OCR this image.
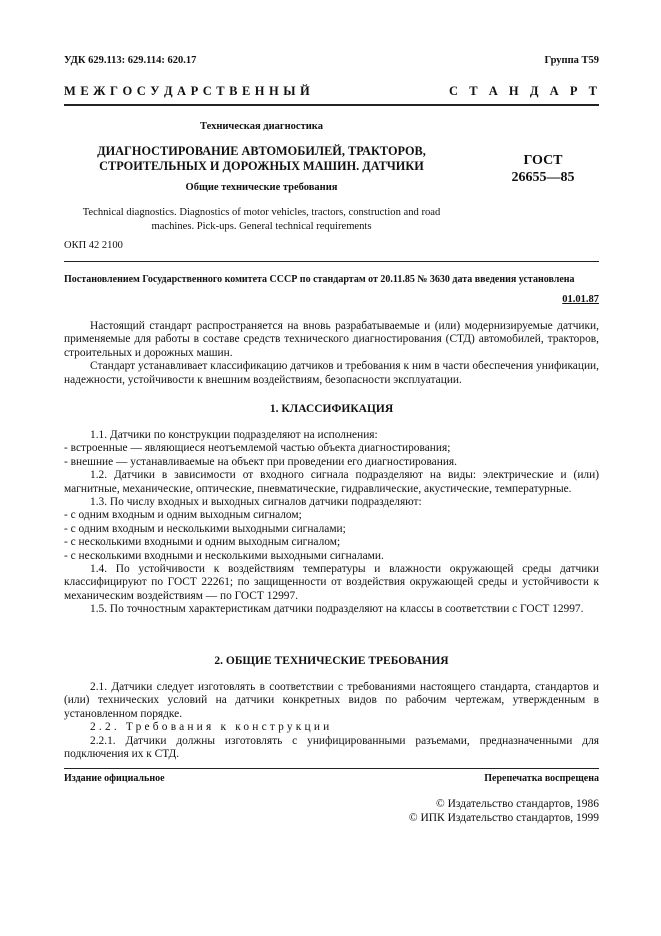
УДК 629.113: 629.114: 620.17	Группа Т59
М Е Ж Г О С У Д А Р С Т В Е Н Н Ы Й	С Т А Н Д А Р Т
Техническая диагностика
ДИАГНОСТИРОВАНИЕ АВТОМОБИЛЕЙ, ТРАКТОРОВ,
СТРОИТЕЛЬНЫХ И ДОРОЖНЫХ МАШИН. ДАТЧИКИ
Общие технические требования
ГОСТ
26655—85
Technical diagnostics. Diagnostics of motor vehicles, tractors, construction and road
machines. Pick-ups. General technical requirements
ОКП 42 2100
Постановлением Государственного комитета СССР по стандартам от 20.11.85 № 3630 дата введения установлена
01.01.87

Настоящий стандарт распространяется на вновь разрабатываемые и (или) модернизируемые датчики, применяемые для работы в составе средств технического диагностирования (СТД) автомобилей, тракторов, строительных и дорожных машин.

Стандарт устанавливает классификацию датчиков и требования к ним в части обеспечения унификации, надежности, устойчивости к внешним воздействиям, безопасности эксплуатации.

1. КЛАССИФИКАЦИЯ

1.1. Датчики по конструкции подразделяют на исполнения:

- встроенные — являющиеся неотъемлемой частью объекта диагностирования;

- внешние — устанавливаемые на объект при проведении его диагностирования.

1.2. Датчики в зависимости от входного сигнала подразделяют на виды: электрические и (или) магнитные, механические, оптические, пневматические, гидравлические, акустические, температурные.

1.3. По числу входных и выходных сигналов датчики подразделяют:

- с одним входным и одним выходным сигналом;

- с одним входным и несколькими выходными сигналами;

- с несколькими входными и одним выходным сигналом;

- с несколькими входными и несколькими выходными сигналами.

1.4. По устойчивости к воздействиям температуры и влажности окружающей среды датчики классифицируют по ГОСТ 22261; по защищенности от воздействия окружающей среды и устойчивости к механическим воздействиям — по ГОСТ 12997.

1.5. По точностным характеристикам датчики подразделяют на классы в соответствии с ГОСТ 12997.

2. ОБЩИЕ ТЕХНИЧЕСКИЕ ТРЕБОВАНИЯ

2.1. Датчики следует изготовлять в соответствии с требованиями настоящего стандарта, стандартов и (или) технических условий на датчики конкретных видов по рабочим чертежам, утвержденным в установленном порядке.

2.2. Требования к конструкции

2.2.1. Датчики должны изготовлять с унифицированными разъемами, предназначенными для подключения их к СТД.

Издание официальное	Перепечатка воспрещена
© Издательство стандартов, 1986
© ИПК Издательство стандартов, 1999
